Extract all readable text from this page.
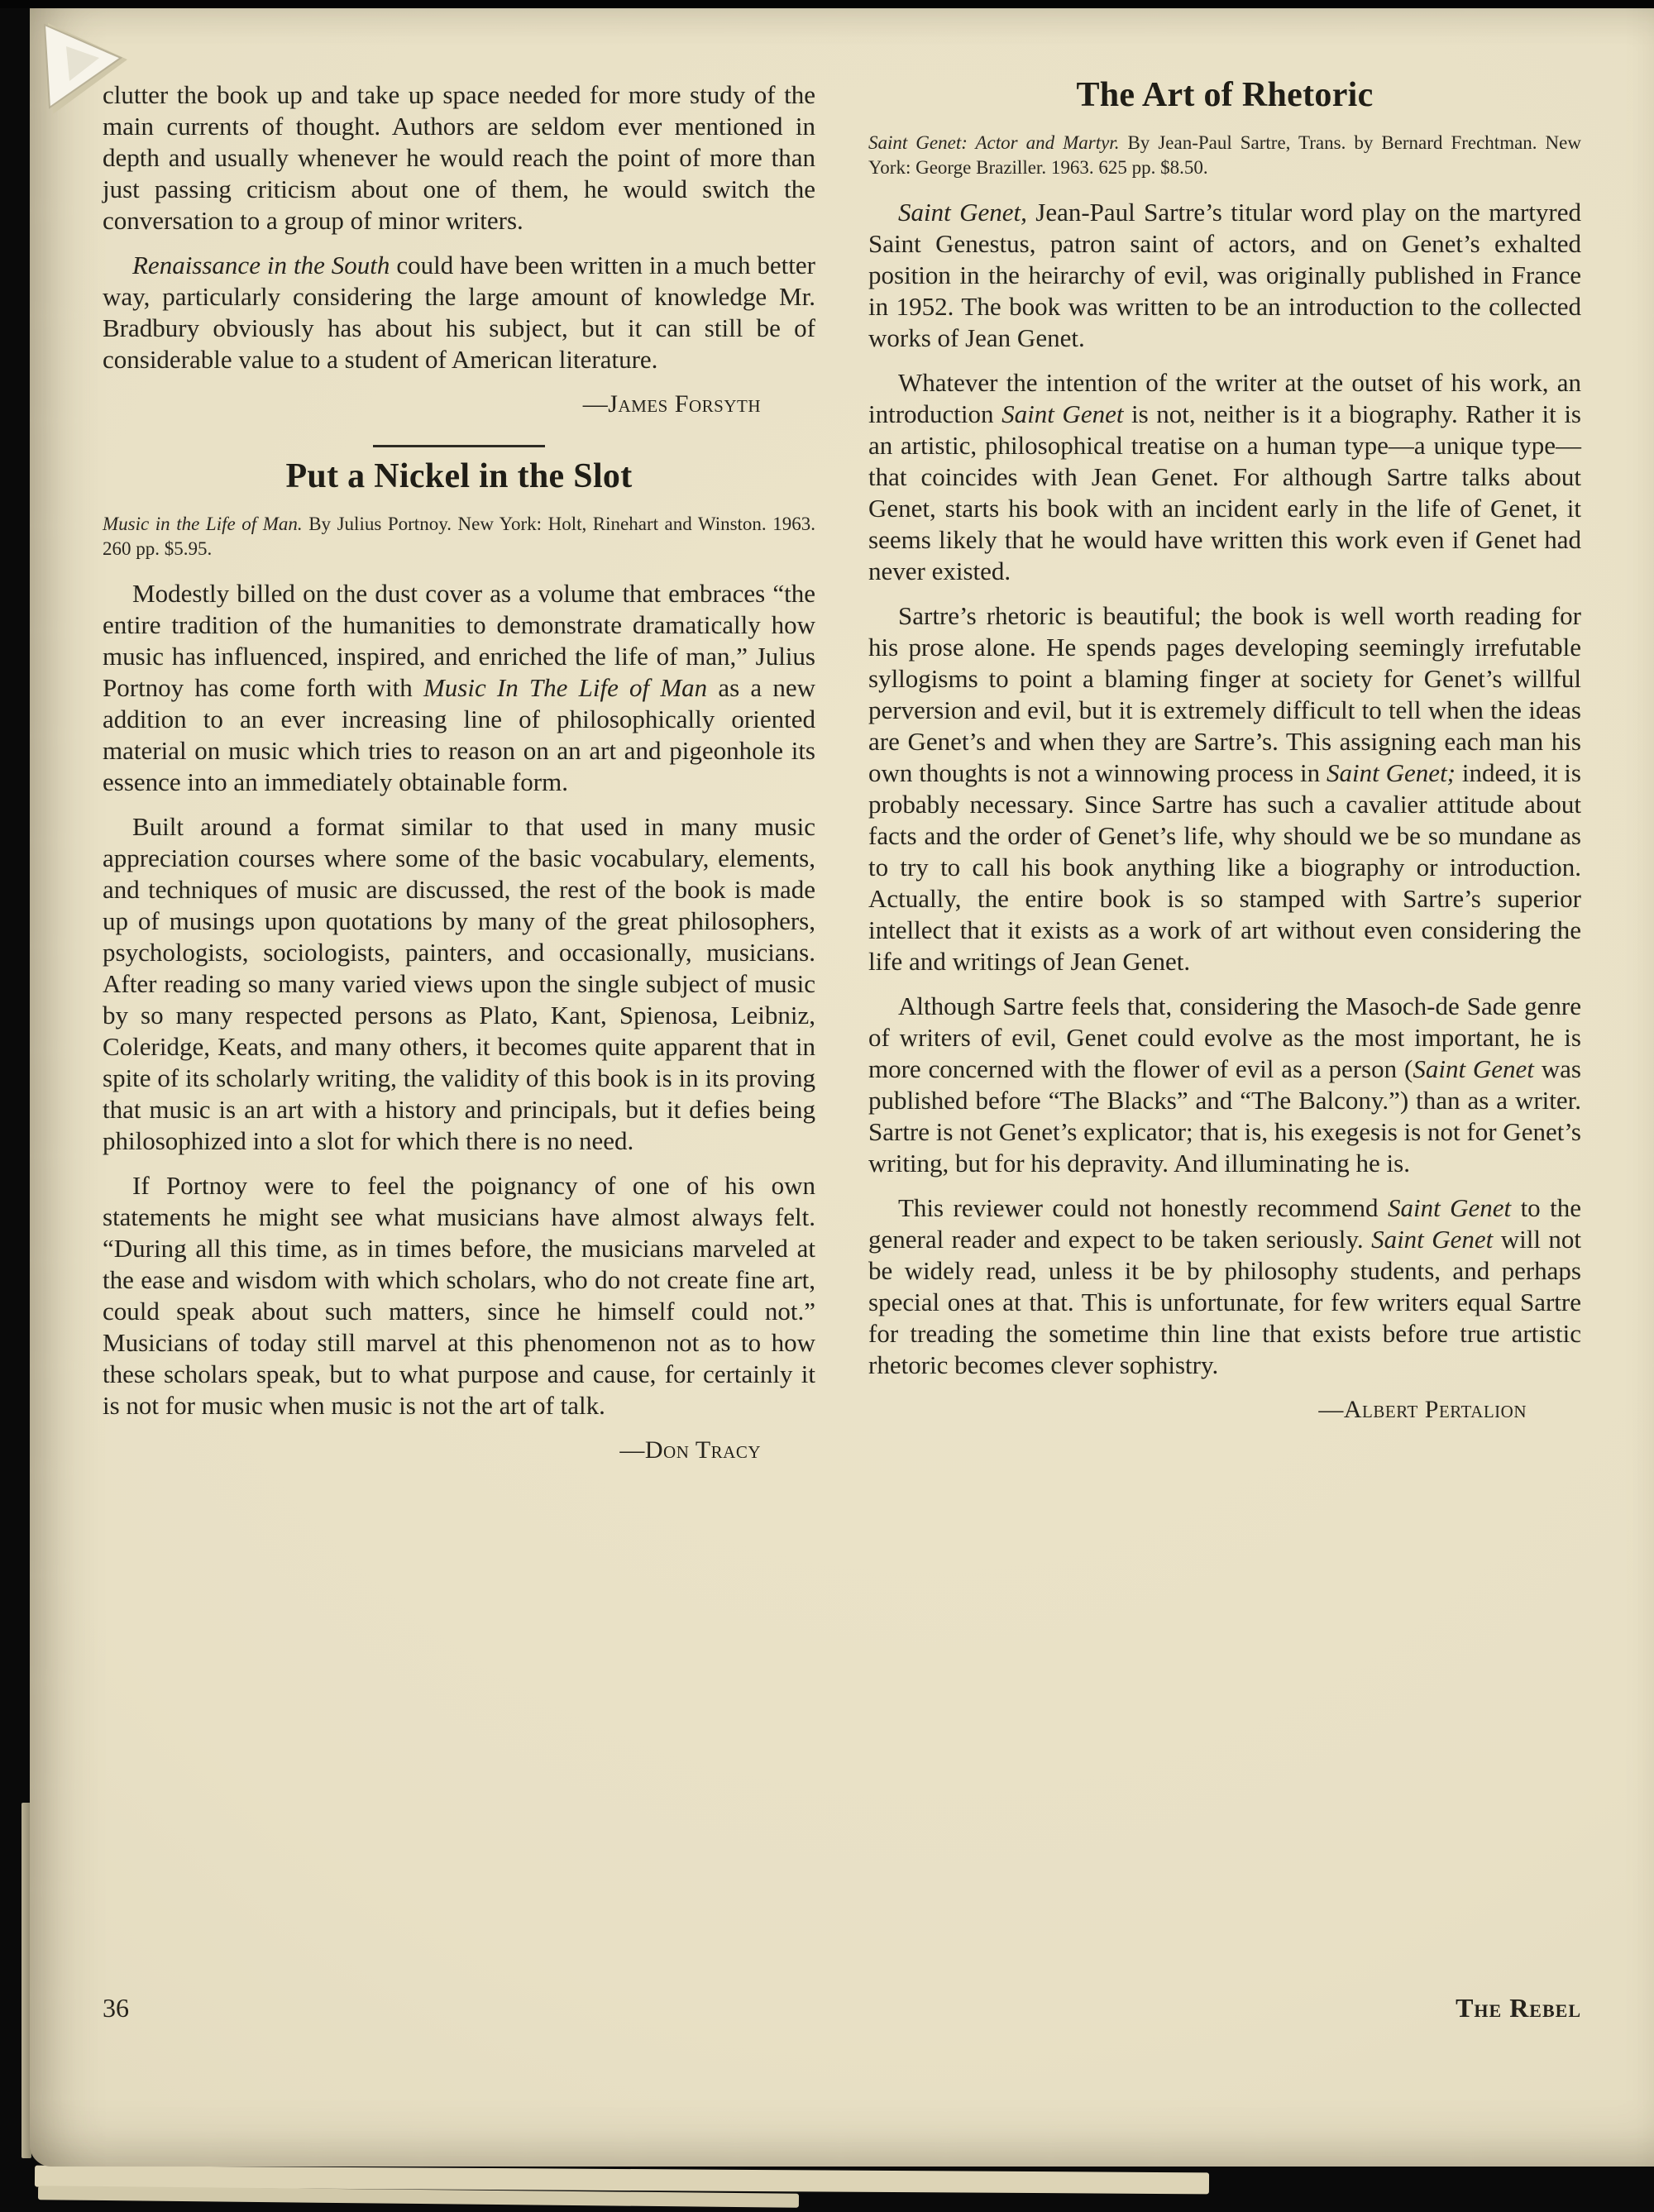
clutter the book up and take up space needed for more study of the main currents of thought. Authors are seldom ever mentioned in depth and usually whenever he would reach the point of more than just passing criticism about one of them, he would switch the conversation to a group of minor writers.

Renaissance in the South could have been written in a much better way, particularly considering the large amount of knowledge Mr. Bradbury obviously has about his subject, but it can still be of considerable value to a student of American literature.

—James Forsyth
Put a Nickel in the Slot

Music in the Life of Man. By Julius Portnoy. New York: Holt, Rinehart and Winston. 1963. 260 pp. $5.95.

Modestly billed on the dust cover as a volume that embraces “the entire tradition of the humanities to demonstrate dramatically how music has influenced, inspired, and enriched the life of man,” Julius Portnoy has come forth with Music In The Life of Man as a new addition to an ever increasing line of philosophically oriented material on music which tries to reason on an art and pigeonhole its essence into an immediately obtainable form.

Built around a format similar to that used in many music appreciation courses where some of the basic vocabulary, elements, and techniques of music are discussed, the rest of the book is made up of musings upon quotations by many of the great philosophers, psychologists, sociologists, painters, and occasionally, musicians. After reading so many varied views upon the single subject of music by so many respected persons as Plato, Kant, Spienosa, Leibniz, Coleridge, Keats, and many others, it becomes quite apparent that in spite of its scholarly writing, the validity of this book is in its proving that music is an art with a history and principals, but it defies being philosophized into a slot for which there is no need.

If Portnoy were to feel the poignancy of one of his own statements he might see what musicians have almost always felt. “During all this time, as in times before, the musicians marveled at the ease and wisdom with which scholars, who do not create fine art, could speak about such matters, since he himself could not.” Musicians of today still marvel at this phenomenon not as to how these scholars speak, but to what purpose and cause, for certainly it is not for music when music is not the art of talk.

—Don Tracy
The Art of Rhetoric

Saint Genet: Actor and Martyr. By Jean-Paul Sartre, Trans. by Bernard Frechtman. New York: George Braziller. 1963. 625 pp. $8.50.

Saint Genet, Jean-Paul Sartre’s titular word play on the martyred Saint Genestus, patron saint of actors, and on Genet’s exhalted position in the heirarchy of evil, was originally published in France in 1952. The book was written to be an introduction to the collected works of Jean Genet.

Whatever the intention of the writer at the outset of his work, an introduction Saint Genet is not, neither is it a biography. Rather it is an artistic, philosophical treatise on a human type—a unique type—that coincides with Jean Genet. For although Sartre talks about Genet, starts his book with an incident early in the life of Genet, it seems likely that he would have written this work even if Genet had never existed.

Sartre’s rhetoric is beautiful; the book is well worth reading for his prose alone. He spends pages developing seemingly irrefutable syllogisms to point a blaming finger at society for Genet’s willful perversion and evil, but it is extremely difficult to tell when the ideas are Genet’s and when they are Sartre’s. This assigning each man his own thoughts is not a winnowing process in Saint Genet; indeed, it is probably necessary. Since Sartre has such a cavalier attitude about facts and the order of Genet’s life, why should we be so mundane as to try to call his book anything like a biography or introduction. Actually, the entire book is so stamped with Sartre’s superior intellect that it exists as a work of art without even considering the life and writings of Jean Genet.

Although Sartre feels that, considering the Masoch-de Sade genre of writers of evil, Genet could evolve as the most important, he is more concerned with the flower of evil as a person (Saint Genet was published before “The Blacks” and “The Balcony.”) than as a writer. Sartre is not Genet’s explicator; that is, his exegesis is not for Genet’s writing, but for his depravity. And illuminating he is.

This reviewer could not honestly recommend Saint Genet to the general reader and expect to be taken seriously. Saint Genet will not be widely read, unless it be by philosophy students, and perhaps special ones at that. This is unfortunate, for few writers equal Sartre for treading the sometime thin line that exists before true artistic rhetoric becomes clever sophistry.

—Albert Pertalion
36	The Rebel
